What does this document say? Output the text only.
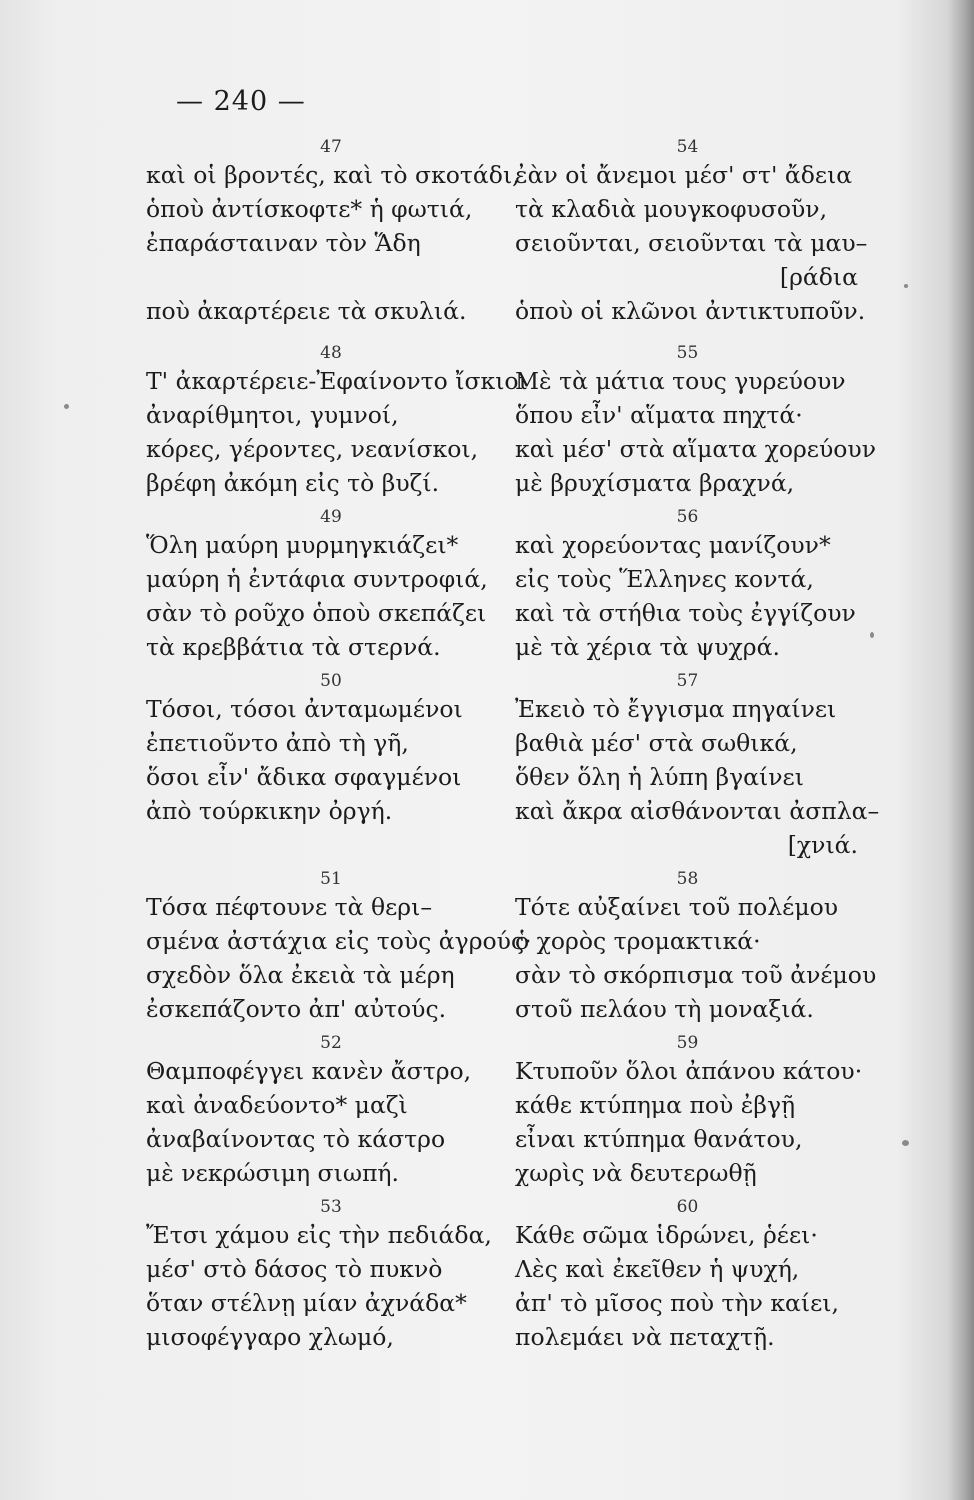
— 240 —
47
καὶ οἱ βροντές, καὶ τὸ σκοτάδι,
ὁποὺ ἀντίσκοφτε* ἡ φωτιά,
ἐπαράσταιναν τὸν Ἅδη
ποὺ ἀκαρτέρειε τὰ σκυλιά.
48
Τ' ἀκαρτέρειε-Ἐφαίνοντο ἴσκιοι
ἀναρίθμητοι, γυμνοί,
κόρες, γέροντες, νεανίσκοι,
βρέφη ἀκόμη εἰς τὸ βυζί.
49
Ὅλη μαύρη μυρμηγκιάζει*
μαύρη ἡ ἐντάφια συντροφιά,
σὰν τὸ ροῦχο ὁποὺ σκεπάζει
τὰ κρεββάτια τὰ στερνά.
50
Τόσοι, τόσοι ἀνταμωμένοι
ἐπετιοῦντο ἀπὸ τὴ γῆ,
ὅσοι εἶν' ἄδικα σφαγμένοι
ἀπὸ τούρκικην ὀργή.
51
Τόσα πέφτουνε τὰ θερι–
σμένα ἀστάχια εἰς τοὺς ἀγρούς·
σχεδὸν ὅλα ἐκειὰ τὰ μέρη
ἐσκεπάζοντο ἀπ' αὐτούς.
52
Θαμποφέγγει κανὲν ἄστρο,
καὶ ἀναδεύοντο* μαζὶ
ἀναβαίνοντας τὸ κάστρο
μὲ νεκρώσιμη σιωπή.
53
Ἔτσι χάμου εἰς τὴν πεδιάδα,
μέσ' στὸ δάσος τὸ πυκνὸ
ὅταν στέλνῃ μίαν ἀχνάδα*
μισοφέγγαρο χλωμό,
54
ἐὰν οἱ ἄνεμοι μέσ' στ' ἄδεια
τὰ κλαδιὰ μουγκοφυσοῦν,
σειοῦνται, σειοῦνται τὰ μαυ–
[ράδια
ὁποὺ οἱ κλῶνοι ἀντικτυποῦν.
55
Μὲ τὰ μάτια τους γυρεύουν
ὅπου εἶν' αἵματα πηχτά·
καὶ μέσ' στὰ αἵματα χορεύουν
μὲ βρυχίσματα βραχνά,
56
καὶ χορεύοντας μανίζουν*
εἰς τοὺς Ἕλληνες κοντά,
καὶ τὰ στήθια τοὺς ἐγγίζουν
μὲ τὰ χέρια τὰ ψυχρά.
57
Ἐκειὸ τὸ ἔγγισμα πηγαίνει
βαθιὰ μέσ' στὰ σωθικά,
ὅθεν ὅλη ἡ λύπη βγαίνει
καὶ ἄκρα αἰσθάνονται ἀσπλα–
[χνιά.
58
Τότε αὐξαίνει τοῦ πολέμου
ὁ χορὸς τρομακτικά·
σὰν τὸ σκόρπισμα τοῦ ἀνέμου
στοῦ πελάου τὴ μοναξιά.
59
Κτυποῦν ὅλοι ἀπάνου κάτου·
κάθε κτύπημα ποὺ ἐβγῇ
εἶναι κτύπημα θανάτου,
χωρὶς νὰ δευτερωθῇ
60
Κάθε σῶμα ἱδρώνει, ῥέει·
Λὲς καὶ ἐκεῖθεν ἡ ψυχή,
ἀπ' τὸ μῖσος ποὺ τὴν καίει,
πολεμάει νὰ πεταχτῇ.
